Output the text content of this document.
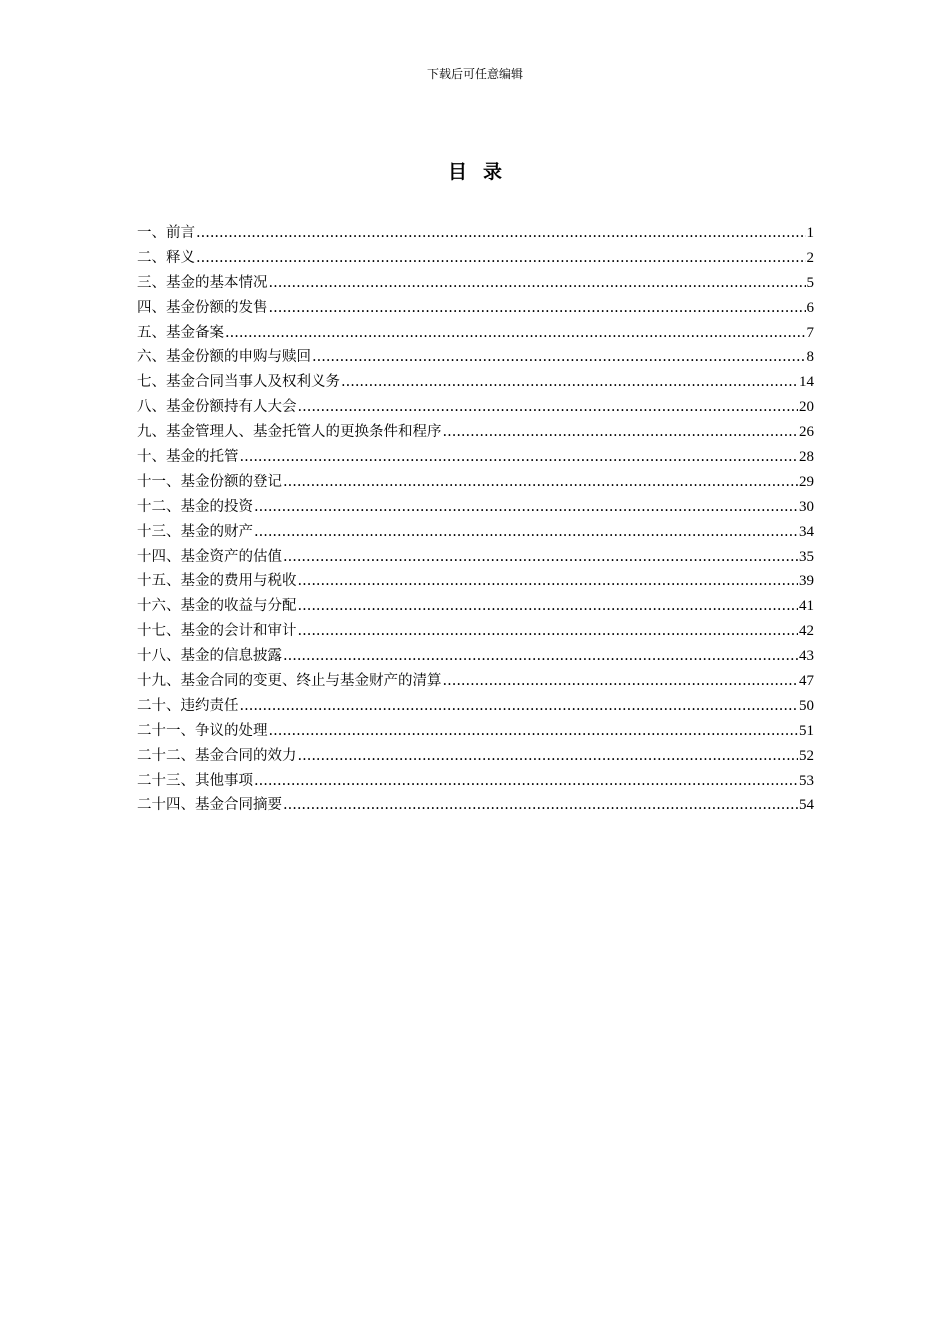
下载后可任意编辑
目录
一、前言 .....	1
二、释义 .....	2
三、基金的基本情况 .....	5
四、基金份额的发售 .....	6
五、基金备案 .....	7
六、基金份额的申购与赎回 .....	8
七、基金合同当事人及权利义务 .....	14
八、基金份额持有人大会 .....	20
九、基金管理人、基金托管人的更换条件和程序 .....	26
十、基金的托管 .....	28
十一、基金份额的登记 .....	29
十二、基金的投资 .....	30
十三、基金的财产 .....	34
十四、基金资产的估值 .....	35
十五、基金的费用与税收 .....	39
十六、基金的收益与分配 .....	41
十七、基金的会计和审计 .....	42
十八、基金的信息披露 .....	43
十九、基金合同的变更、终止与基金财产的清算 .....	47
二十、违约责任 .....	50
二十一、争议的处理 .....	51
二十二、基金合同的效力 .....	52
二十三、其他事项 .....	53
二十四、基金合同摘要 .....	54
